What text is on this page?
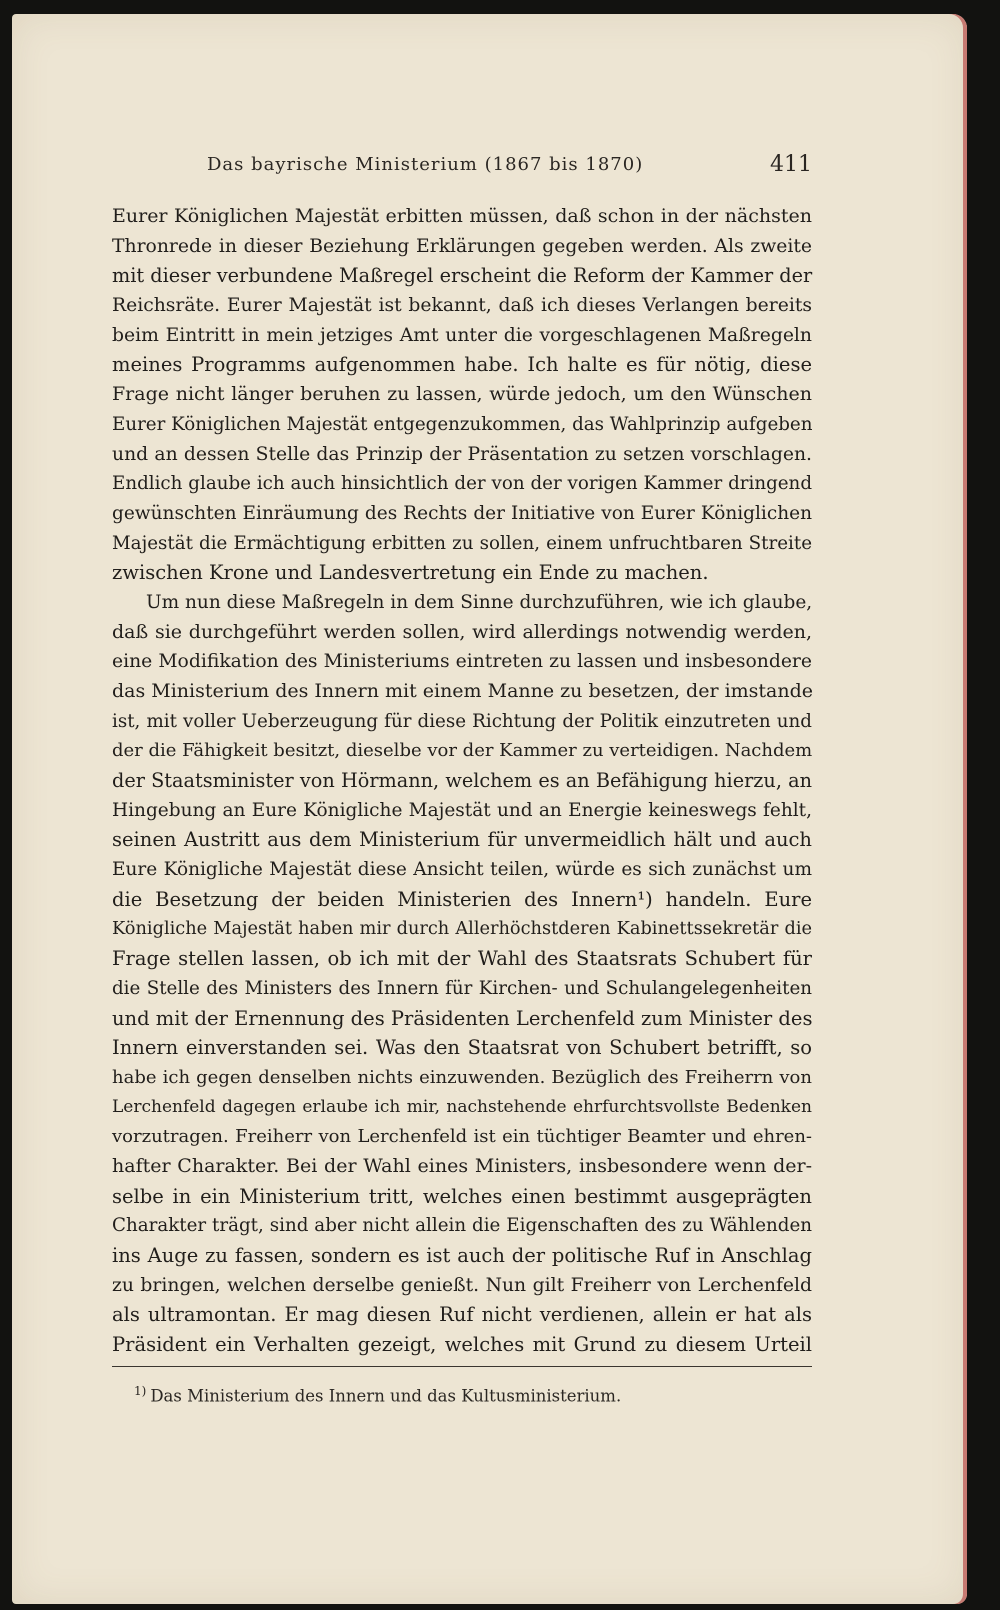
Das bayrische Ministerium (1867 bis 1870)	411
Eurer Königlichen Majestät erbitten müssen, daß schon in der nächsten
Thronrede in dieser Beziehung Erklärungen gegeben werden. Als zweite
mit dieser verbundene Maßregel erscheint die Reform der Kammer der
Reichsräte. Eurer Majestät ist bekannt, daß ich dieses Verlangen bereits
beim Eintritt in mein jetziges Amt unter die vorgeschlagenen Maßregeln
meines Programms aufgenommen habe. Ich halte es für nötig, diese
Frage nicht länger beruhen zu lassen, würde jedoch, um den Wünschen
Eurer Königlichen Majestät entgegenzukommen, das Wahlprinzip aufgeben
und an dessen Stelle das Prinzip der Präsentation zu setzen vorschlagen.
Endlich glaube ich auch hinsichtlich der von der vorigen Kammer dringend
gewünschten Einräumung des Rechts der Initiative von Eurer Königlichen
Majestät die Ermächtigung erbitten zu sollen, einem unfruchtbaren Streite
zwischen Krone und Landesvertretung ein Ende zu machen.
Um nun diese Maßregeln in dem Sinne durchzuführen, wie ich glaube,
daß sie durchgeführt werden sollen, wird allerdings notwendig werden,
eine Modifikation des Ministeriums eintreten zu lassen und insbesondere
das Ministerium des Innern mit einem Manne zu besetzen, der imstande
ist, mit voller Ueberzeugung für diese Richtung der Politik einzutreten und
der die Fähigkeit besitzt, dieselbe vor der Kammer zu verteidigen. Nachdem
der Staatsminister von Hörmann, welchem es an Befähigung hierzu, an
Hingebung an Eure Königliche Majestät und an Energie keineswegs fehlt,
seinen Austritt aus dem Ministerium für unvermeidlich hält und auch
Eure Königliche Majestät diese Ansicht teilen, würde es sich zunächst um
die Besetzung der beiden Ministerien des Innern¹) handeln. Eure
Königliche Majestät haben mir durch Allerhöchstderen Kabinettssekretär die
Frage stellen lassen, ob ich mit der Wahl des Staatsrats Schubert für
die Stelle des Ministers des Innern für Kirchen- und Schulangelegenheiten
und mit der Ernennung des Präsidenten Lerchenfeld zum Minister des
Innern einverstanden sei. Was den Staatsrat von Schubert betrifft, so
habe ich gegen denselben nichts einzuwenden. Bezüglich des Freiherrn von
Lerchenfeld dagegen erlaube ich mir, nachstehende ehrfurchtsvollste Bedenken
vorzutragen. Freiherr von Lerchenfeld ist ein tüchtiger Beamter und ehren-
hafter Charakter. Bei der Wahl eines Ministers, insbesondere wenn der-
selbe in ein Ministerium tritt, welches einen bestimmt ausgeprägten
Charakter trägt, sind aber nicht allein die Eigenschaften des zu Wählenden
ins Auge zu fassen, sondern es ist auch der politische Ruf in Anschlag
zu bringen, welchen derselbe genießt. Nun gilt Freiherr von Lerchenfeld
als ultramontan. Er mag diesen Ruf nicht verdienen, allein er hat als
Präsident ein Verhalten gezeigt, welches mit Grund zu diesem Urteil
$^{1)}$ Das Ministerium des Innern und das Kultusministerium.
